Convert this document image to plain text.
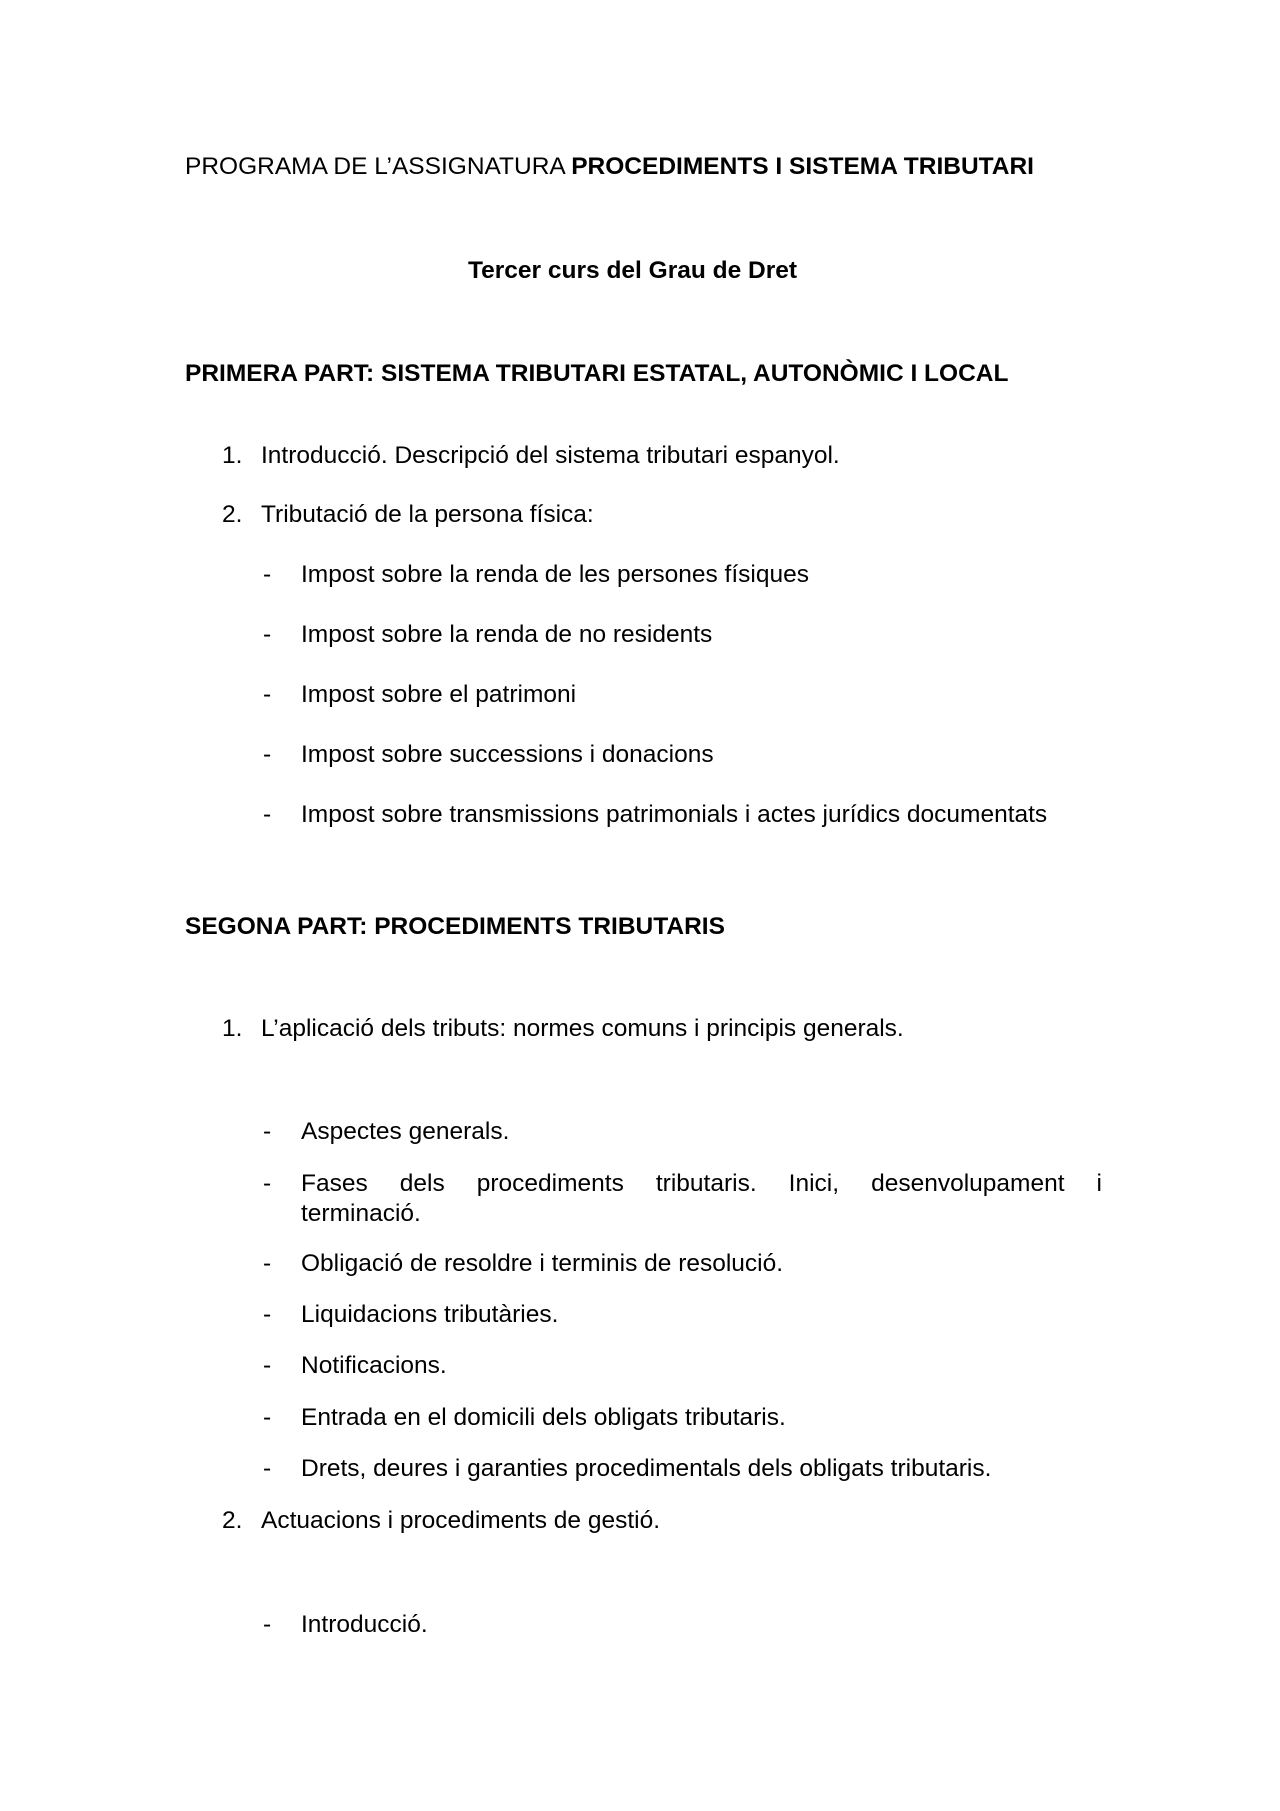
PROGRAMA DE L’ASSIGNATURA PROCEDIMENTS I SISTEMA TRIBUTARI
Tercer curs del Grau de Dret
PRIMERA PART: SISTEMA TRIBUTARI ESTATAL, AUTONÒMIC I LOCAL
1. Introducció. Descripció del sistema tributari espanyol.
2. Tributació de la persona física:
- Impost sobre la renda de les persones físiques
- Impost sobre la renda de no residents
- Impost sobre el patrimoni
- Impost sobre successions i donacions
- Impost sobre transmissions patrimonials i actes jurídics documentats
SEGONA PART: PROCEDIMENTS TRIBUTARIS
1. L’aplicació dels tributs: normes comuns i principis generals.
- Aspectes generals.
- Fases dels procediments tributaris. Inici, desenvolupament i
terminació.
- Obligació de resoldre i terminis de resolució.
- Liquidacions tributàries.
- Notificacions.
- Entrada en el domicili dels obligats tributaris.
- Drets, deures i garanties procedimentals dels obligats tributaris.
2. Actuacions i procediments de gestió.
- Introducció.
